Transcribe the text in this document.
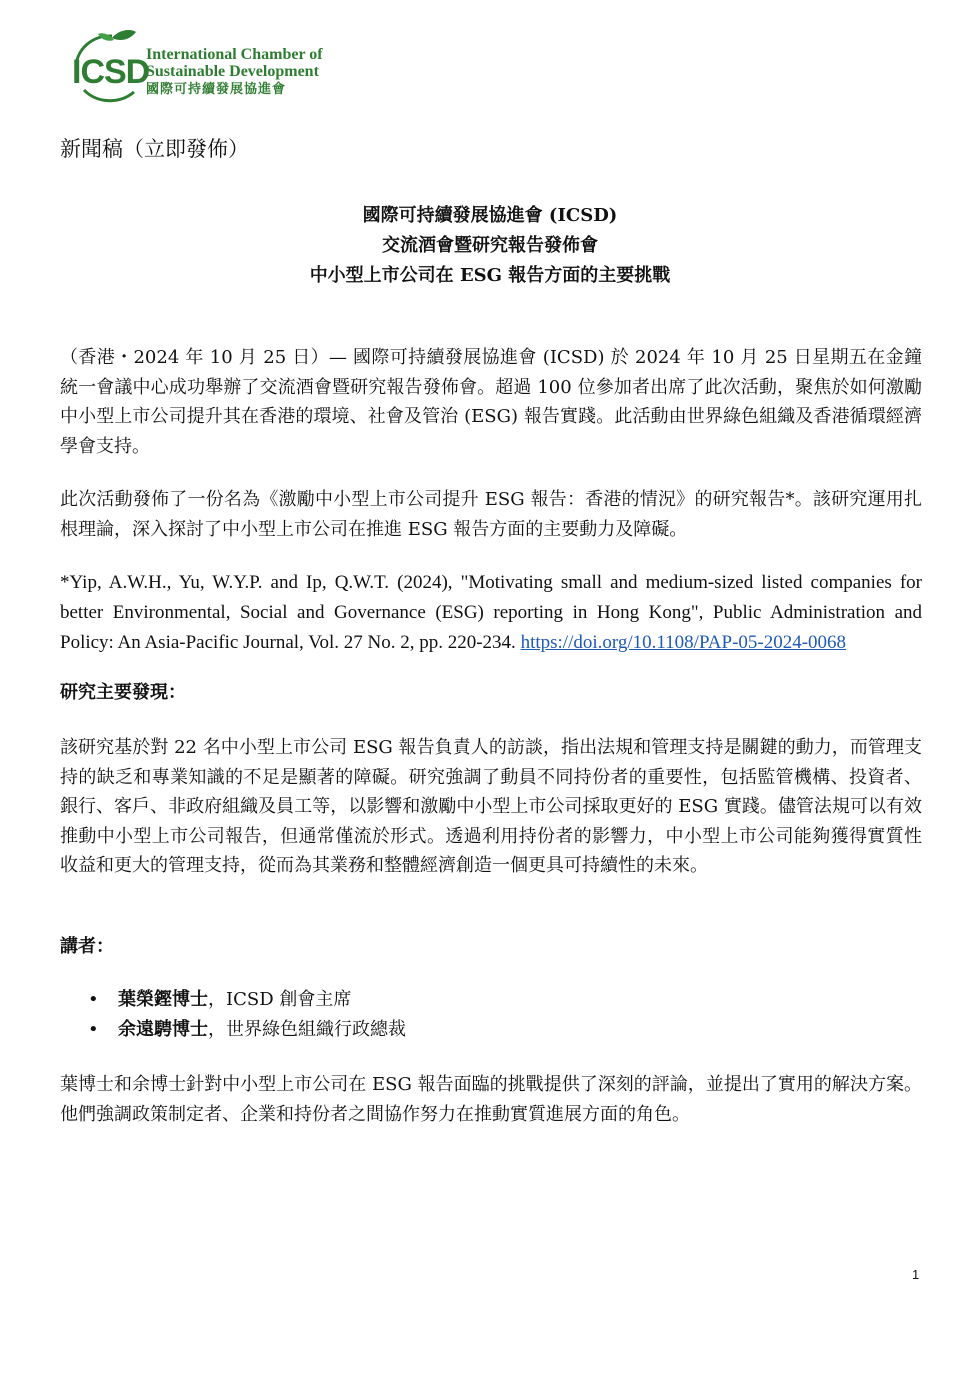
ICSD
International Chamber of
Sustainable Development
國際可持續發展協進會
新聞稿（立即發佈）
國際可持續發展協進會 (ICSD)
交流酒會暨研究報告發佈會
中小型上市公司在 ESG 報告方面的主要挑戰
（香港・2024 年 10 月 25 日）— 國際可持續發展協進會 (ICSD) 於 2024 年 10 月 25 日星期五在金鐘統一會議中心成功舉辦了交流酒會暨研究報告發佈會。超過 100 位參加者出席了此次活動，聚焦於如何激勵中小型上市公司提升其在香港的環境、社會及管治 (ESG) 報告實踐。此活動由世界綠色組織及香港循環經濟學會支持。
此次活動發佈了一份名為《激勵中小型上市公司提升 ESG 報告：香港的情況》的研究報告*。該研究運用扎根理論，深入探討了中小型上市公司在推進 ESG 報告方面的主要動力及障礙。
*Yip, A.W.H., Yu, W.Y.P. and Ip, Q.W.T. (2024), "Motivating small and medium-sized listed companies for better Environmental, Social and Governance (ESG) reporting in Hong Kong", Public Administration and Policy: An Asia-Pacific Journal, Vol. 27 No. 2, pp. 220-234. https://doi.org/10.1108/PAP-05-2024-0068
研究主要發現：
該研究基於對 22 名中小型上市公司 ESG 報告負責人的訪談，指出法規和管理支持是關鍵的動力，而管理支持的缺乏和專業知識的不足是顯著的障礙。研究強調了動員不同持份者的重要性，包括監管機構、投資者、銀行、客戶、非政府組織及員工等，以影響和激勵中小型上市公司採取更好的 ESG 實踐。儘管法規可以有效推動中小型上市公司報告，但通常僅流於形式。透過利用持份者的影響力，中小型上市公司能夠獲得實質性收益和更大的管理支持，從而為其業務和整體經濟創造一個更具可持續性的未來。
講者：
• 葉榮鏗博士，ICSD 創會主席
• 余遠騁博士，世界綠色組織行政總裁
葉博士和余博士針對中小型上市公司在 ESG 報告面臨的挑戰提供了深刻的評論，並提出了實用的解決方案。他們強調政策制定者、企業和持份者之間協作努力在推動實質進展方面的角色。
1
